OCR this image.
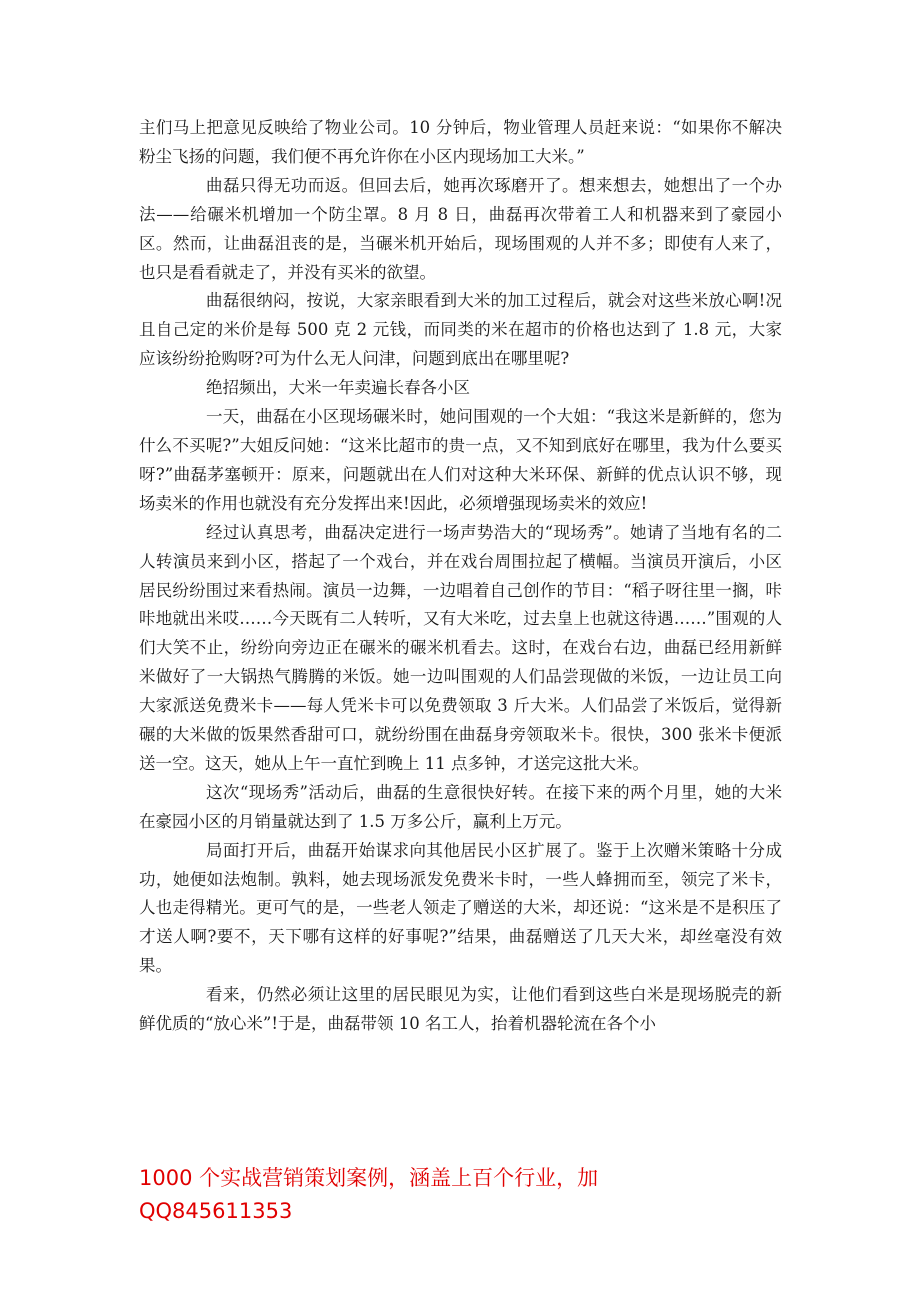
主们马上把意见反映给了物业公司。10 分钟后，物业管理人员赶来说：“如果你不解决粉尘飞扬的问题，我们便不再允许你在小区内现场加工大米。”

曲磊只得无功而返。但回去后，她再次琢磨开了。想来想去，她想出了一个办法——给碾米机增加一个防尘罩。8 月 8 日，曲磊再次带着工人和机器来到了豪园小区。然而，让曲磊沮丧的是，当碾米机开始后，现场围观的人并不多；即使有人来了，也只是看看就走了，并没有买米的欲望。

曲磊很纳闷，按说，大家亲眼看到大米的加工过程后，就会对这些米放心啊!况且自己定的米价是每 500 克 2 元钱，而同类的米在超市的价格也达到了 1.8 元，大家应该纷纷抢购呀?可为什么无人问津，问题到底出在哪里呢?

绝招频出，大米一年卖遍长春各小区

一天，曲磊在小区现场碾米时，她问围观的一个大姐：“我这米是新鲜的，您为什么不买呢?”大姐反问她：“这米比超市的贵一点，又不知到底好在哪里，我为什么要买呀?”曲磊茅塞顿开：原来，问题就出在人们对这种大米环保、新鲜的优点认识不够，现场卖米的作用也就没有充分发挥出来!因此，必须增强现场卖米的效应!

经过认真思考，曲磊决定进行一场声势浩大的“现场秀”。她请了当地有名的二人转演员来到小区，搭起了一个戏台，并在戏台周围拉起了横幅。当演员开演后，小区居民纷纷围过来看热闹。演员一边舞，一边唱着自己创作的节目：“稻子呀往里一搁，咔咔地就出米哎……今天既有二人转听，又有大米吃，过去皇上也就这待遇……”围观的人们大笑不止，纷纷向旁边正在碾米的碾米机看去。这时，在戏台右边，曲磊已经用新鲜米做好了一大锅热气腾腾的米饭。她一边叫围观的人们品尝现做的米饭，一边让员工向大家派送免费米卡——每人凭米卡可以免费领取 3 斤大米。人们品尝了米饭后，觉得新碾的大米做的饭果然香甜可口，就纷纷围在曲磊身旁领取米卡。很快，300 张米卡便派送一空。这天，她从上午一直忙到晚上 11 点多钟，才送完这批大米。

这次“现场秀”活动后，曲磊的生意很快好转。在接下来的两个月里，她的大米在豪园小区的月销量就达到了 1.5 万多公斤，赢利上万元。

局面打开后，曲磊开始谋求向其他居民小区扩展了。鉴于上次赠米策略十分成功，她便如法炮制。孰料，她去现场派发免费米卡时，一些人蜂拥而至，领完了米卡，人也走得精光。更可气的是，一些老人领走了赠送的大米，却还说：“这米是不是积压了才送人啊?要不，天下哪有这样的好事呢?”结果，曲磊赠送了几天大米，却丝毫没有效果。

看来，仍然必须让这里的居民眼见为实，让他们看到这些白米是现场脱壳的新鲜优质的“放心米”!于是，曲磊带领 10 名工人，抬着机器轮流在各个小

1000 个实战营销策划案例，涵盖上百个行业，加
QQ845611353
